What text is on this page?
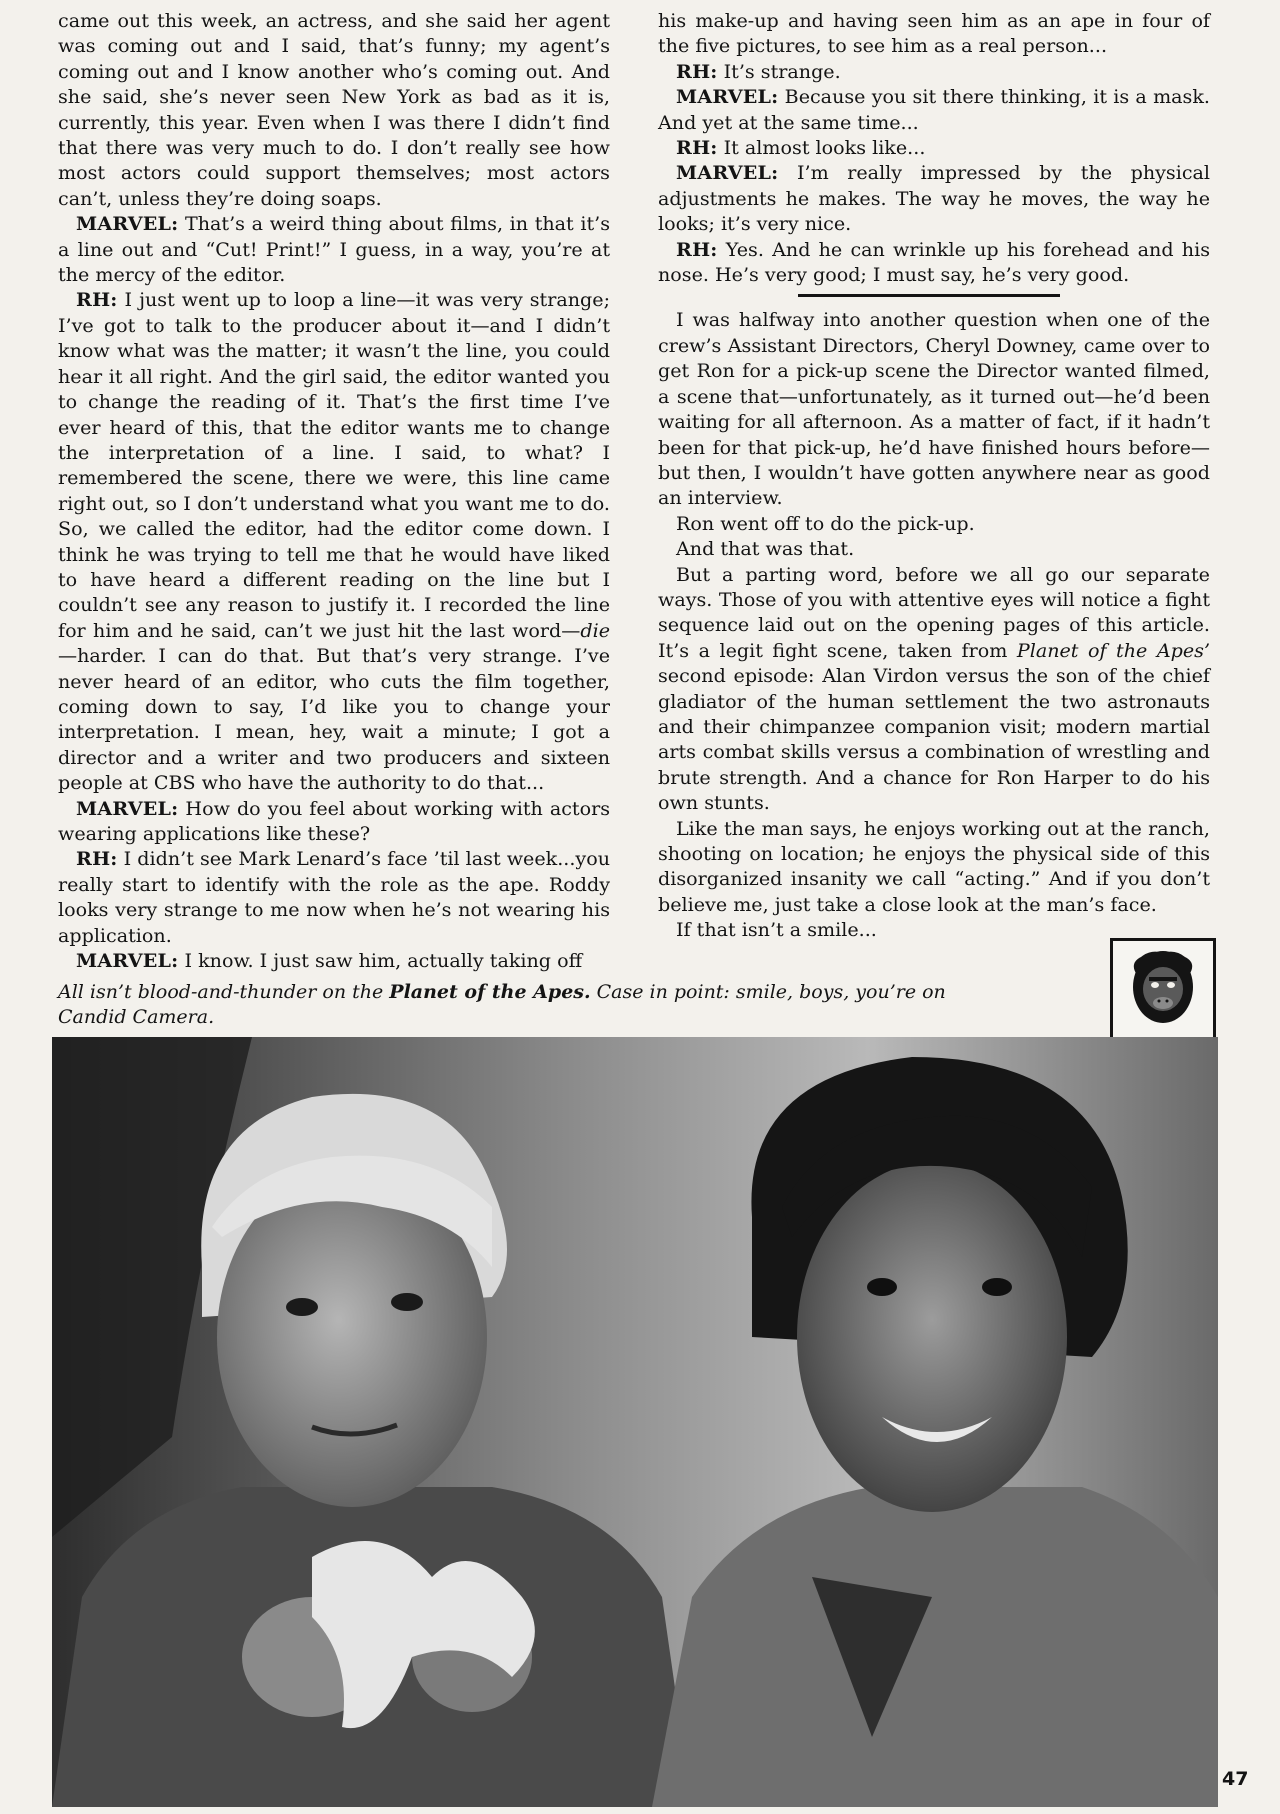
came out this week, an actress, and she said her agent was coming out and I said, that’s funny; my agent’s coming out and I know another who’s coming out. And she said, she’s never seen New York as bad as it is, currently, this year. Even when I was there I didn’t find that there was very much to do. I don’t really see how most actors could support themselves; most actors can’t, unless they’re doing soaps.

MARVEL: That’s a weird thing about films, in that it’s a line out and “Cut! Print!” I guess, in a way, you’re at the mercy of the editor.

RH: I just went up to loop a line—it was very strange; I’ve got to talk to the producer about it—and I didn’t know what was the matter; it wasn’t the line, you could hear it all right. And the girl said, the editor wanted you to change the reading of it. That’s the first time I’ve ever heard of this, that the editor wants me to change the interpretation of a line. I said, to what? I remembered the scene, there we were, this line came right out, so I don’t understand what you want me to do. So, we called the editor, had the editor come down. I think he was trying to tell me that he would have liked to have heard a different reading on the line but I couldn’t see any reason to justify it. I recorded the line for him and he said, can’t we just hit the last word—die—harder. I can do that. But that’s very strange. I’ve never heard of an editor, who cuts the film together, coming down to say, I’d like you to change your interpretation. I mean, hey, wait a minute; I got a director and a writer and two producers and sixteen people at CBS who have the authority to do that...

MARVEL: How do you feel about working with actors wearing applications like these?

RH: I didn’t see Mark Lenard’s face ’til last week...you really start to identify with the role as the ape. Roddy looks very strange to me now when he’s not wearing his application.

MARVEL: I know. I just saw him, actually taking off

his make-up and having seen him as an ape in four of the five pictures, to see him as a real person...

RH: It’s strange.

MARVEL: Because you sit there thinking, it is a mask. And yet at the same time...

RH: It almost looks like...

MARVEL: I’m really impressed by the physical adjustments he makes. The way he moves, the way he looks; it’s very nice.

RH: Yes. And he can wrinkle up his forehead and his nose. He’s very good; I must say, he’s very good.

I was halfway into another question when one of the crew’s Assistant Directors, Cheryl Downey, came over to get Ron for a pick-up scene the Director wanted filmed, a scene that—unfortunately, as it turned out—he’d been waiting for all afternoon. As a matter of fact, if it hadn’t been for that pick-up, he’d have finished hours before—but then, I wouldn’t have gotten anywhere near as good an interview.

Ron went off to do the pick-up.

And that was that.

But a parting word, before we all go our separate ways. Those of you with attentive eyes will notice a fight sequence laid out on the opening pages of this article. It’s a legit fight scene, taken from Planet of the Apes’ second episode: Alan Virdon versus the son of the chief gladiator of the human settlement the two astronauts and their chimpanzee companion visit; modern martial arts combat skills versus a combination of wrestling and brute strength. And a chance for Ron Harper to do his own stunts.

Like the man says, he enjoys working out at the ranch, shooting on location; he enjoys the physical side of this disorganized insanity we call “acting.” And if you don’t believe me, just take a close look at the man’s face.

If that isn’t a smile...

All isn’t blood-and-thunder on the Planet of the Apes. Case in point: smile, boys, you’re on Candid Camera.
47
